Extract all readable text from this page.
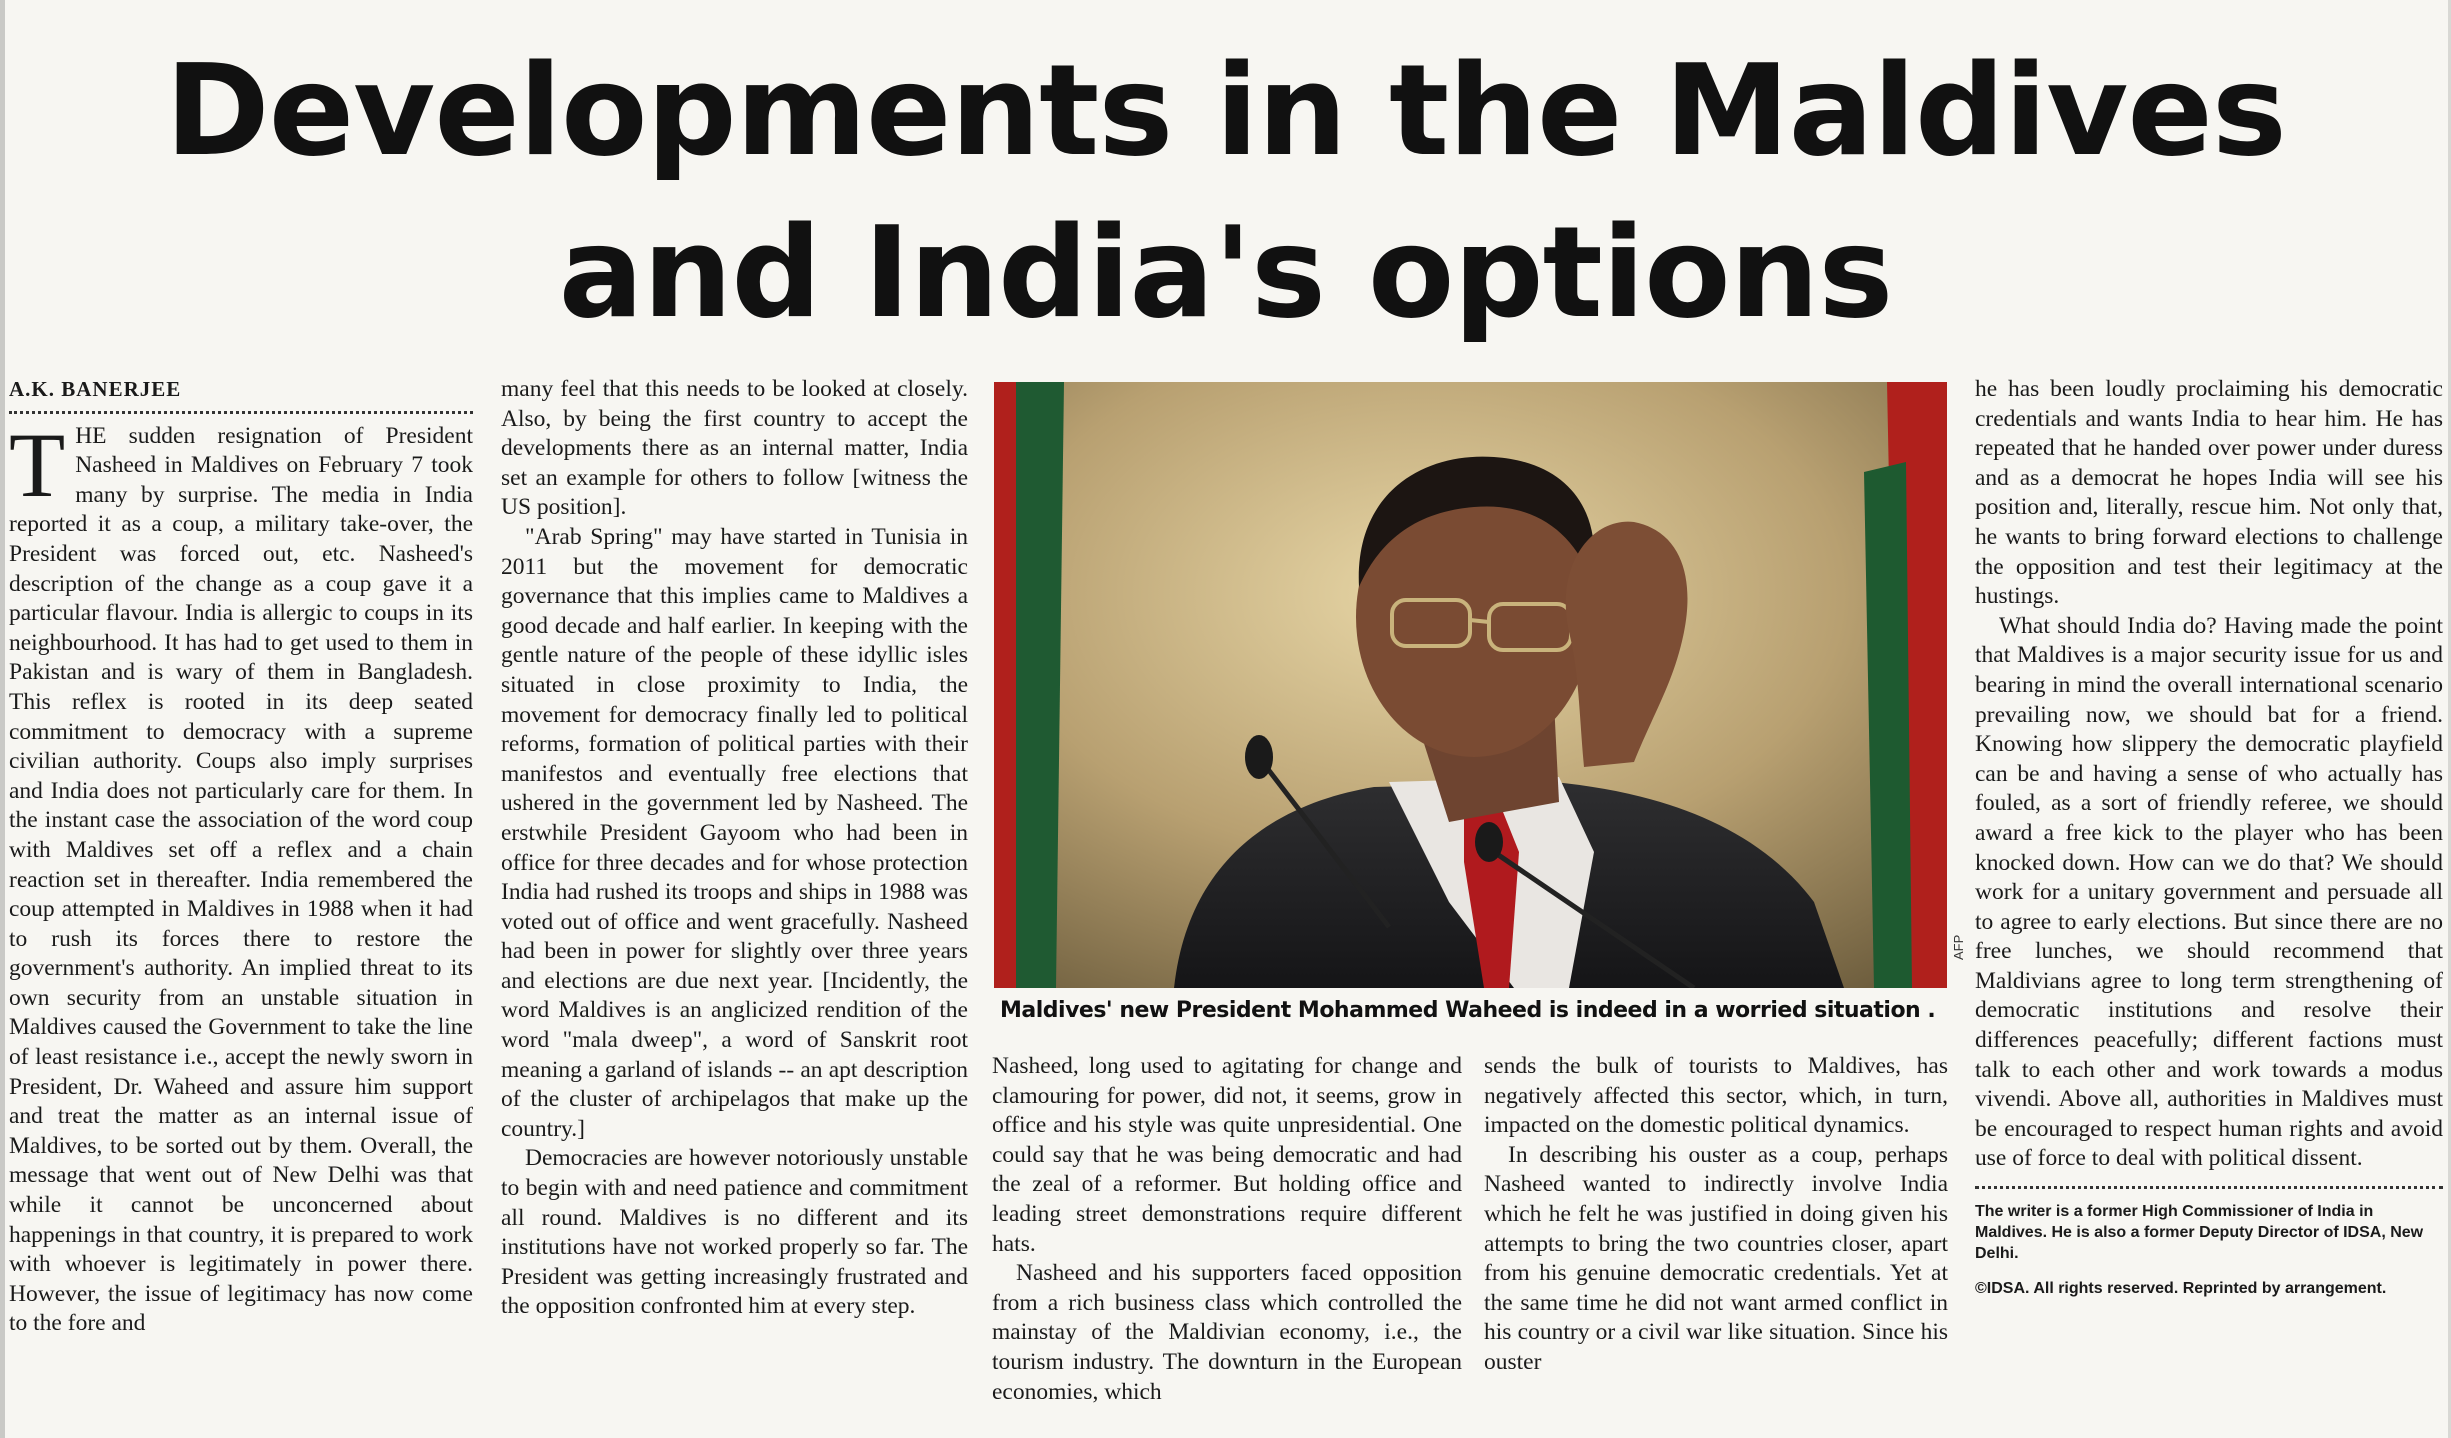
Developments in the Maldives
and India's options
A.K. BANERJEE

THE sudden resignation of President Nasheed in Maldives on February 7 took many by surprise. The media in India reported it as a coup, a military take-over, the President was forced out, etc. Nasheed's description of the change as a coup gave it a particular flavour. India is allergic to coups in its neighbourhood. It has had to get used to them in Pakistan and is wary of them in Bangladesh. This reflex is rooted in its deep seated commitment to democracy with a supreme civilian authority. Coups also imply surprises and India does not particularly care for them. In the instant case the association of the word coup with Maldives set off a reflex and a chain reaction set in thereafter. India remembered the coup attempted in Maldives in 1988 when it had to rush its forces there to restore the government's authority. An implied threat to its own security from an unstable situation in Maldives caused the Government to take the line of least resistance i.e., accept the newly sworn in President, Dr. Waheed and assure him support and treat the matter as an internal issue of Maldives, to be sorted out by them. Overall, the message that went out of New Delhi was that while it cannot be unconcerned about happenings in that country, it is prepared to work with whoever is legitimately in power there. However, the issue of legitimacy has now come to the fore and

many feel that this needs to be looked at closely. Also, by being the first country to accept the developments there as an internal matter, India set an example for others to follow [witness the US position].

"Arab Spring" may have started in Tunisia in 2011 but the movement for democratic governance that this implies came to Maldives a good decade and half earlier. In keeping with the gentle nature of the people of these idyllic isles situated in close proximity to India, the movement for democracy finally led to political reforms, formation of political parties with their manifestos and eventually free elections that ushered in the government led by Nasheed. The erstwhile President Gayoom who had been in office for three decades and for whose protection India had rushed its troops and ships in 1988 was voted out of office and went gracefully. Nasheed had been in power for slightly over three years and elections are due next year. [Incidently, the word Maldives is an anglicized rendition of the word "mala dweep", a word of Sanskrit root meaning a garland of islands -- an apt description of the cluster of archipelagos that make up the country.]

Democracies are however notoriously unstable to begin with and need patience and commitment all round. Maldives is no different and its institutions have not worked properly so far. The President was getting increasingly frustrated and the opposition confronted him at every step.

AFP
Maldives' new President Mohammed Waheed is indeed in a worried situation .

Nasheed, long used to agitating for change and clamouring for power, did not, it seems, grow in office and his style was quite unpresidential. One could say that he was being democratic and had the zeal of a reformer. But holding office and leading street demonstrations require different hats.

Nasheed and his supporters faced opposition from a rich business class which controlled the mainstay of the Maldivian economy, i.e., the tourism industry. The downturn in the European economies, which

sends the bulk of tourists to Maldives, has negatively affected this sector, which, in turn, impacted on the domestic political dynamics.

In describing his ouster as a coup, perhaps Nasheed wanted to indirectly involve India which he felt he was justified in doing given his attempts to bring the two countries closer, apart from his genuine democratic credentials. Yet at the same time he did not want armed conflict in his country or a civil war like situation. Since his ouster

he has been loudly proclaiming his democratic credentials and wants India to hear him. He has repeated that he handed over power under duress and as a democrat he hopes India will see his position and, literally, rescue him. Not only that, he wants to bring forward elections to challenge the opposition and test their legitimacy at the hustings.

What should India do? Having made the point that Maldives is a major security issue for us and bearing in mind the overall international scenario prevailing now, we should bat for a friend. Knowing how slippery the democratic playfield can be and having a sense of who actually has fouled, as a sort of friendly referee, we should award a free kick to the player who has been knocked down. How can we do that? We should work for a unitary government and persuade all to agree to early elections. But since there are no free lunches, we should recommend that Maldivians agree to long term strengthening of democratic institutions and resolve their differences peacefully; different factions must talk to each other and work towards a modus vivendi. Above all, authorities in Maldives must be encouraged to respect human rights and avoid use of force to deal with political dissent.

The writer is a former High Commissioner of India in Maldives. He is also a former Deputy Director of IDSA, New Delhi.
©IDSA. All rights reserved. Reprinted by arrangement.
